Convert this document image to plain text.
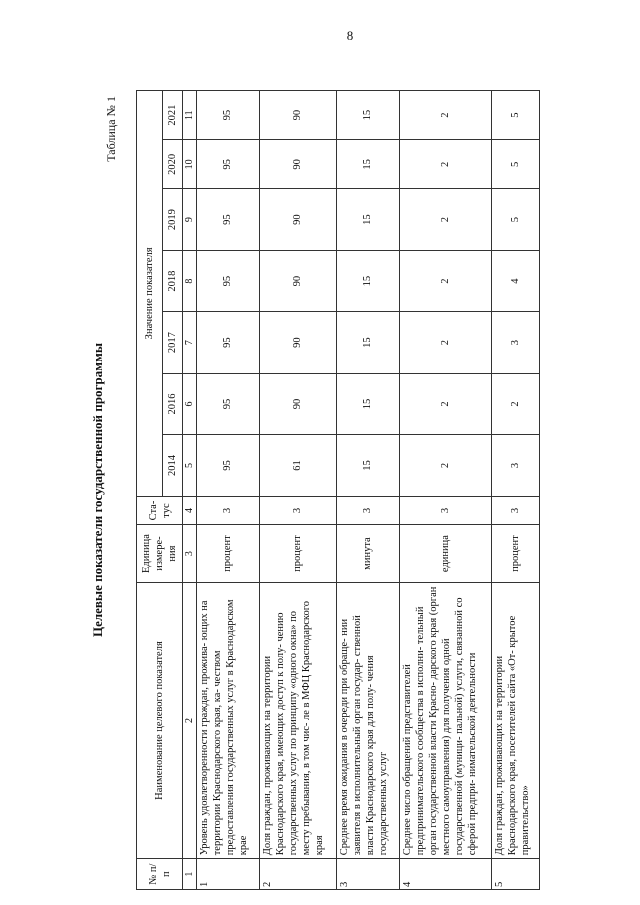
8
Целевые показатели государственной программы
Таблица № 1
№ п/п	Наименование целевого показателя	Единица измере- ния	Ста- тус	Значение показателя						
				2014	2016	2017	2018	2019	2020	2021
1	2	3	4	5	6	7	8	9	10	11
1	Уровень удовлетворенности граждан, прожива- ющих на территории Краснодарского края, ка- чеством предоставления государственных услуг в Краснодарском крае	процент	3	95	95	95	95	95	95	95
2	Доля граждан, проживающих на территории Краснодарского края, имеющих доступ к полу- чению государственных услуг по принципу «одного окна» по месту пребывания, в том чис- ле в МФЦ Краснодарского края	процент	3	61	90	90	90	90	90	90
3	Среднее время ожидания в очереди при обраще- нии заявителя в исполнительный орган государ- ственной власти Краснодарского края для полу- чения государственных услуг	минута	3	15	15	15	15	15	15	15
4	Среднее число обращений представителей предпринимательского сообщества в исполни- тельный орган государственной власти Красно- дарского края (орган местного самоуправления) для получения одной государственной (муници- пальной) услуги, связанной со сферой предпри- нимательской деятельности	единица	3	2	2	2	2	2	2	2
5	Доля граждан, проживающих на территории Краснодарского края, посетителей сайта «От- крытое правительство»	процент	3	3	2	3	4	5	5	5
